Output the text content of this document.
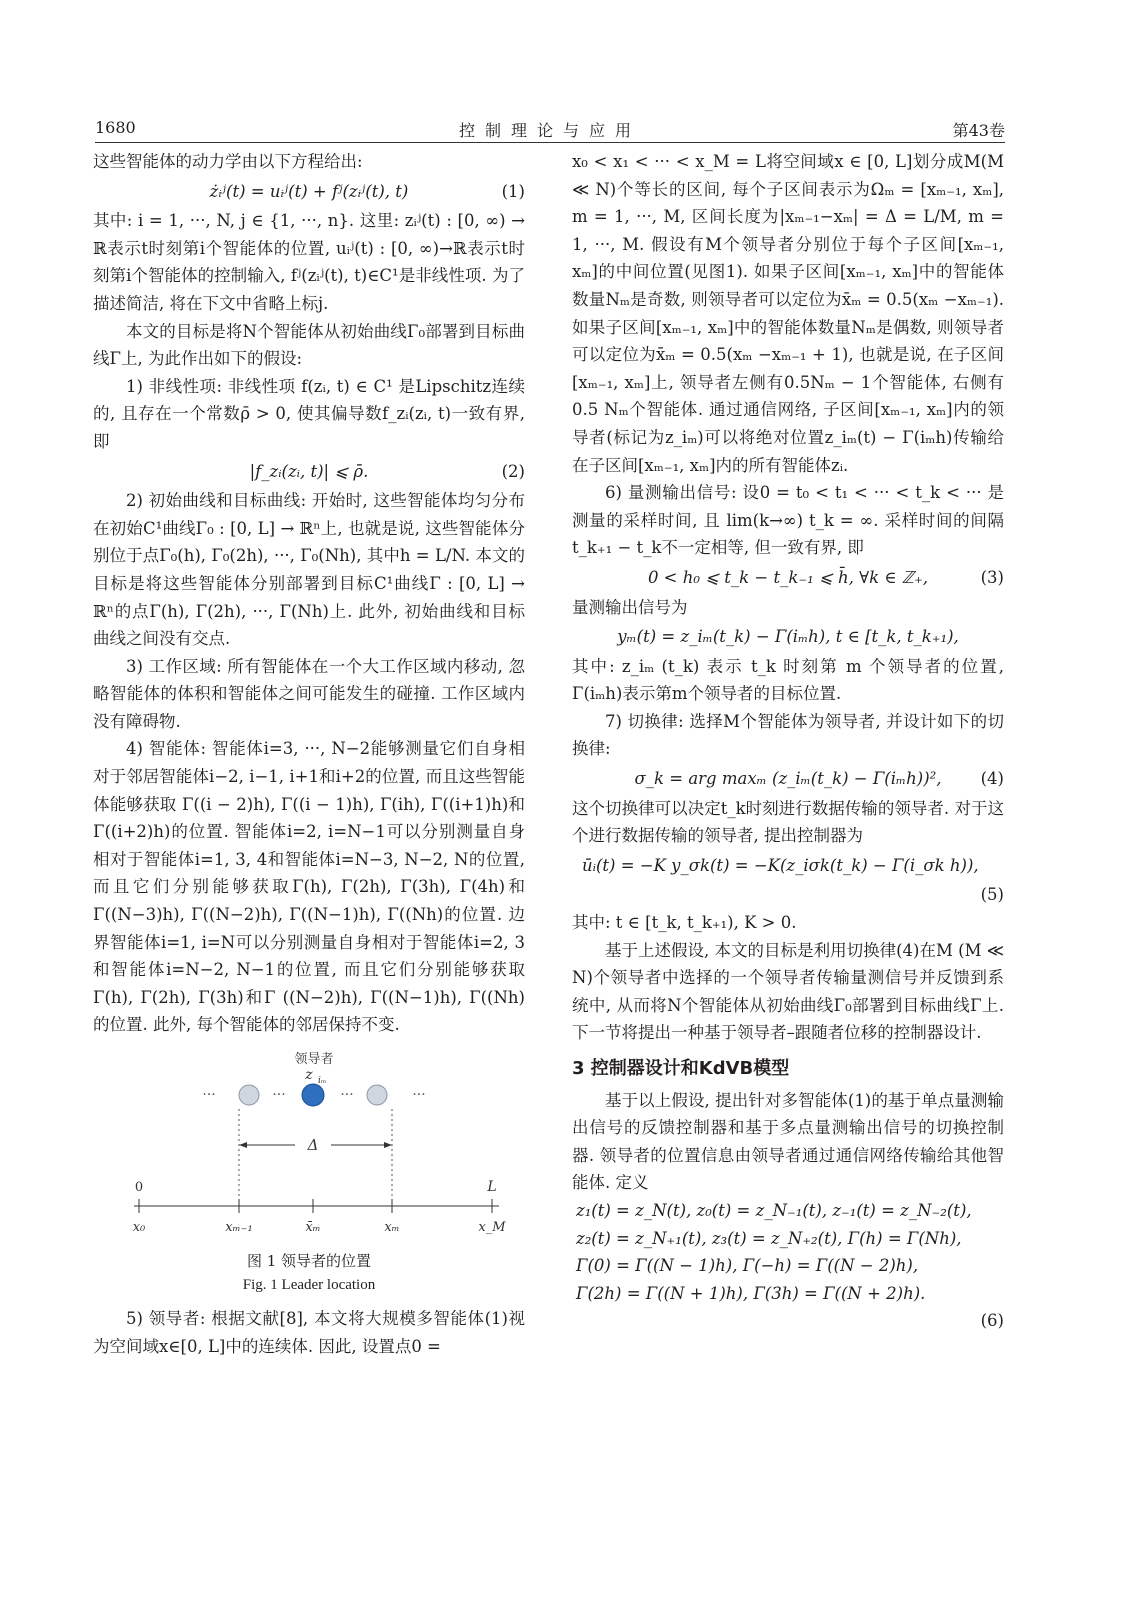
1680	控制理论与应用	第43卷

这些智能体的动力学由以下方程给出:

żᵢʲ(t) = uᵢʲ(t) + fʲ(zᵢʲ(t), t)	(1)

其中: i = 1, ···, N, j ∈ {1, ···, n}. 这里: zᵢʲ(t) : [0, ∞) → ℝ表示t时刻第i个智能体的位置, uᵢʲ(t) : [0, ∞)→ℝ表示t时刻第i个智能体的控制输入, fʲ(zᵢʲ(t), t)∈C¹是非线性项. 为了描述简洁, 将在下文中省略上标j.

本文的目标是将N个智能体从初始曲线Γ₀部署到目标曲线Γ上, 为此作出如下的假设:

1) 非线性项: 非线性项 f(zᵢ, t) ∈ C¹ 是Lipschitz连续的, 且存在一个常数ρ̄ > 0, 使其偏导数f_zᵢ(zᵢ, t)一致有界, 即

|f_zᵢ(zᵢ, t)| ⩽ ρ̄.	(2)

2) 初始曲线和目标曲线: 开始时, 这些智能体均匀分布在初始C¹曲线Γ₀ : [0, L] → ℝⁿ上, 也就是说, 这些智能体分别位于点Γ₀(h), Γ₀(2h), ···, Γ₀(Nh), 其中h = L/N. 本文的目标是将这些智能体分别部署到目标C¹曲线Γ : [0, L] → ℝⁿ的点Γ(h), Γ(2h), ···, Γ(Nh)上. 此外, 初始曲线和目标曲线之间没有交点.

3) 工作区域: 所有智能体在一个大工作区域内移动, 忽略智能体的体积和智能体之间可能发生的碰撞. 工作区域内没有障碍物.

4) 智能体: 智能体i=3, ···, N−2能够测量它们自身相对于邻居智能体i−2, i−1, i+1和i+2的位置, 而且这些智能体能够获取 Γ((i − 2)h), Γ((i − 1)h), Γ(ih), Γ((i+1)h)和Γ((i+2)h)的位置. 智能体i=2, i=N−1可以分别测量自身相对于智能体i=1, 3, 4和智能体i=N−3, N−2, N的位置, 而且它们分别能够获取Γ(h), Γ(2h), Γ(3h), Γ(4h)和Γ((N−3)h), Γ((N−2)h), Γ((N−1)h), Γ((Nh)的位置. 边界智能体i=1, i=N可以分别测量自身相对于智能体i=2, 3和智能体i=N−2, N−1的位置, 而且它们分别能够获取Γ(h), Γ(2h), Γ(3h)和Γ ((N−2)h), Γ((N−1)h), Γ((Nh)的位置. 此外, 每个智能体的邻居保持不变.

领导者
z iₘ
···	···	···	···
Δ
0	L
x₀	xₘ₋₁	x̄ₘ	xₘ	x_M
图 1 领导者的位置
Fig. 1 Leader location

5) 领导者: 根据文献[8], 本文将大规模多智能体(1)视为空间域x∈[0, L]中的连续体. 因此, 设置点0 =

x₀ < x₁ < ··· < x_M = L将空间域x ∈ [0, L]划分成M(M ≪ N)个等长的区间, 每个子区间表示为Ωₘ = [xₘ₋₁, xₘ], m = 1, ···, M, 区间长度为|xₘ₋₁−xₘ| = Δ = L/M, m = 1, ···, M. 假设有M个领导者分别位于每个子区间[xₘ₋₁, xₘ]的中间位置(见图1). 如果子区间[xₘ₋₁, xₘ]中的智能体数量Nₘ是奇数, 则领导者可以定位为x̄ₘ = 0.5(xₘ −xₘ₋₁). 如果子区间[xₘ₋₁, xₘ]中的智能体数量Nₘ是偶数, 则领导者可以定位为x̄ₘ = 0.5(xₘ −xₘ₋₁ + 1), 也就是说, 在子区间[xₘ₋₁, xₘ]上, 领导者左侧有0.5Nₘ − 1个智能体, 右侧有0.5 Nₘ个智能体. 通过通信网络, 子区间[xₘ₋₁, xₘ]内的领导者(标记为z_iₘ)可以将绝对位置z_iₘ(t) − Γ(iₘh)传输给在子区间[xₘ₋₁, xₘ]内的所有智能体zᵢ.

6) 量测输出信号: 设0 = t₀ < t₁ < ··· < t_k < ··· 是测量的采样时间, 且 lim(k→∞) t_k = ∞. 采样时间的间隔t_k₊₁ − t_k不一定相等, 但一致有界, 即

0 < h₀ ⩽ t_k − t_k₋₁ ⩽ h̄, ∀k ∈ ℤ₊,	(3)

量测输出信号为

yₘ(t) = z_iₘ(t_k) − Γ(iₘh), t ∈ [t_k, t_k₊₁),

其中: z_iₘ (t_k) 表示 t_k 时刻第 m 个领导者的位置, Γ(iₘh)表示第m个领导者的目标位置.

7) 切换律: 选择M个智能体为领导者, 并设计如下的切换律:

σ_k = arg maxₘ (z_iₘ(t_k) − Γ(iₘh))², (4)

这个切换律可以决定t_k时刻进行数据传输的领导者. 对于这个进行数据传输的领导者, 提出控制器为

ūᵢ(t) = −K y_σk(t) = −K(z_iσk(t_k) − Γ(i_σk h)),
(5)

其中: t ∈ [t_k, t_k₊₁), K > 0.

基于上述假设, 本文的目标是利用切换律(4)在M (M ≪ N)个领导者中选择的一个领导者传输量测信号并反馈到系统中, 从而将N个智能体从初始曲线Γ₀部署到目标曲线Γ上. 下一节将提出一种基于领导者–跟随者位移的控制器设计.

3 控制器设计和KdVB模型

基于以上假设, 提出针对多智能体(1)的基于单点量测输出信号的反馈控制器和基于多点量测输出信号的切换控制器. 领导者的位置信息由领导者通过通信网络传输给其他智能体. 定义

z₁(t) = z_N(t), z₀(t) = z_N₋₁(t), z₋₁(t) = z_N₋₂(t),

z₂(t) = z_N₊₁(t), z₃(t) = z_N₊₂(t), Γ(h) = Γ(Nh),

Γ(0) = Γ((N − 1)h), Γ(−h) = Γ((N − 2)h),

Γ(2h) = Γ((N + 1)h), Γ(3h) = Γ((N + 2)h).

(6)
